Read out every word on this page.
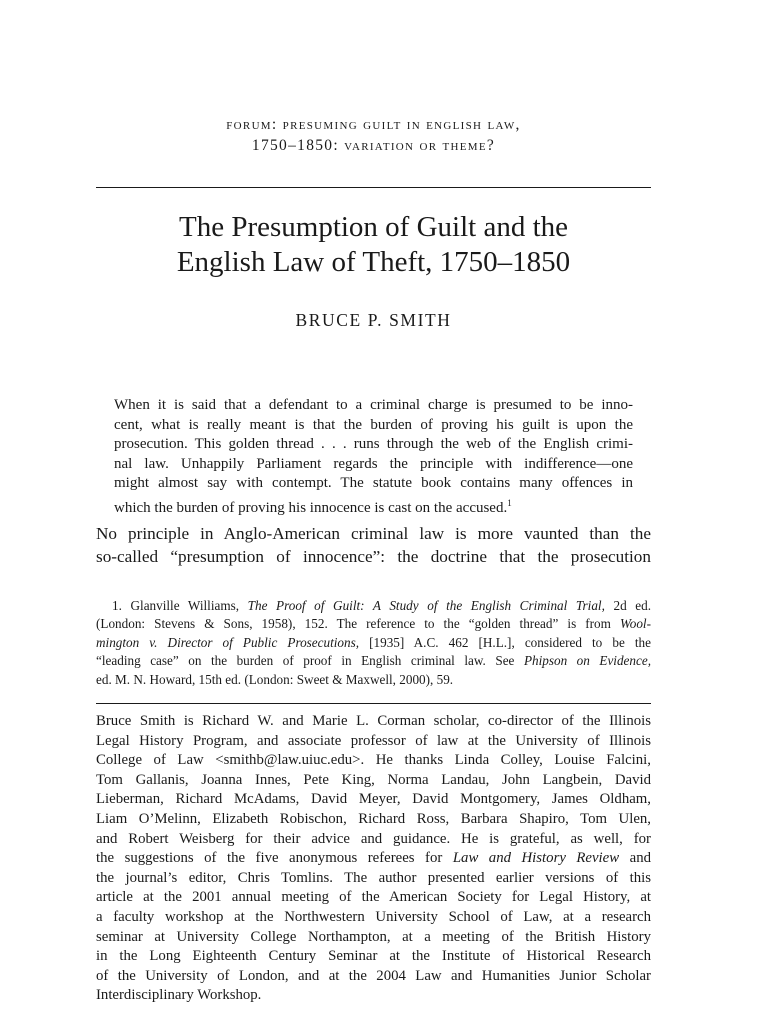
forum: presuming guilt in english law,
1750–1850: variation or theme?
The Presumption of Guilt and the
English Law of Theft, 1750–1850
BRUCE P. SMITH
When it is said that a defendant to a criminal charge is presumed to be inno-
cent, what is really meant is that the burden of proving his guilt is upon the
prosecution. This golden thread . . . runs through the web of the English crimi-
nal law. Unhappily Parliament regards the principle with indifference—one
might almost say with contempt. The statute book contains many offences in
which the burden of proving his innocence is cast on the accused.$^1$
No principle in Anglo-American criminal law is more vaunted than the
so-called “presumption of innocence”: the doctrine that the prosecution
1. Glanville Williams, The Proof of Guilt: A Study of the English Criminal Trial, 2d ed.
(London: Stevens & Sons, 1958), 152. The reference to the “golden thread” is from Wool-
mington v. Director of Public Prosecutions, [1935] A.C. 462 [H.L.], considered to be the
“leading case” on the burden of proof in English criminal law. See Phipson on Evidence,
ed. M. N. Howard, 15th ed. (London: Sweet & Maxwell, 2000), 59.
Bruce Smith is Richard W. and Marie L. Corman scholar, co-director of the Illinois
Legal History Program, and associate professor of law at the University of Illinois
College of Law <smithb@law.uiuc.edu>. He thanks Linda Colley, Louise Falcini,
Tom Gallanis, Joanna Innes, Pete King, Norma Landau, John Langbein, David
Lieberman, Richard McAdams, David Meyer, David Montgomery, James Oldham,
Liam O’Melinn, Elizabeth Robischon, Richard Ross, Barbara Shapiro, Tom Ulen,
and Robert Weisberg for their advice and guidance. He is grateful, as well, for
the suggestions of the five anonymous referees for Law and History Review and
the journal’s editor, Chris Tomlins. The author presented earlier versions of this
article at the 2001 annual meeting of the American Society for Legal History, at
a faculty workshop at the Northwestern University School of Law, at a research
seminar at University College Northampton, at a meeting of the British History
in the Long Eighteenth Century Seminar at the Institute of Historical Research
of the University of London, and at the 2004 Law and Humanities Junior Scholar
Interdisciplinary Workshop.
